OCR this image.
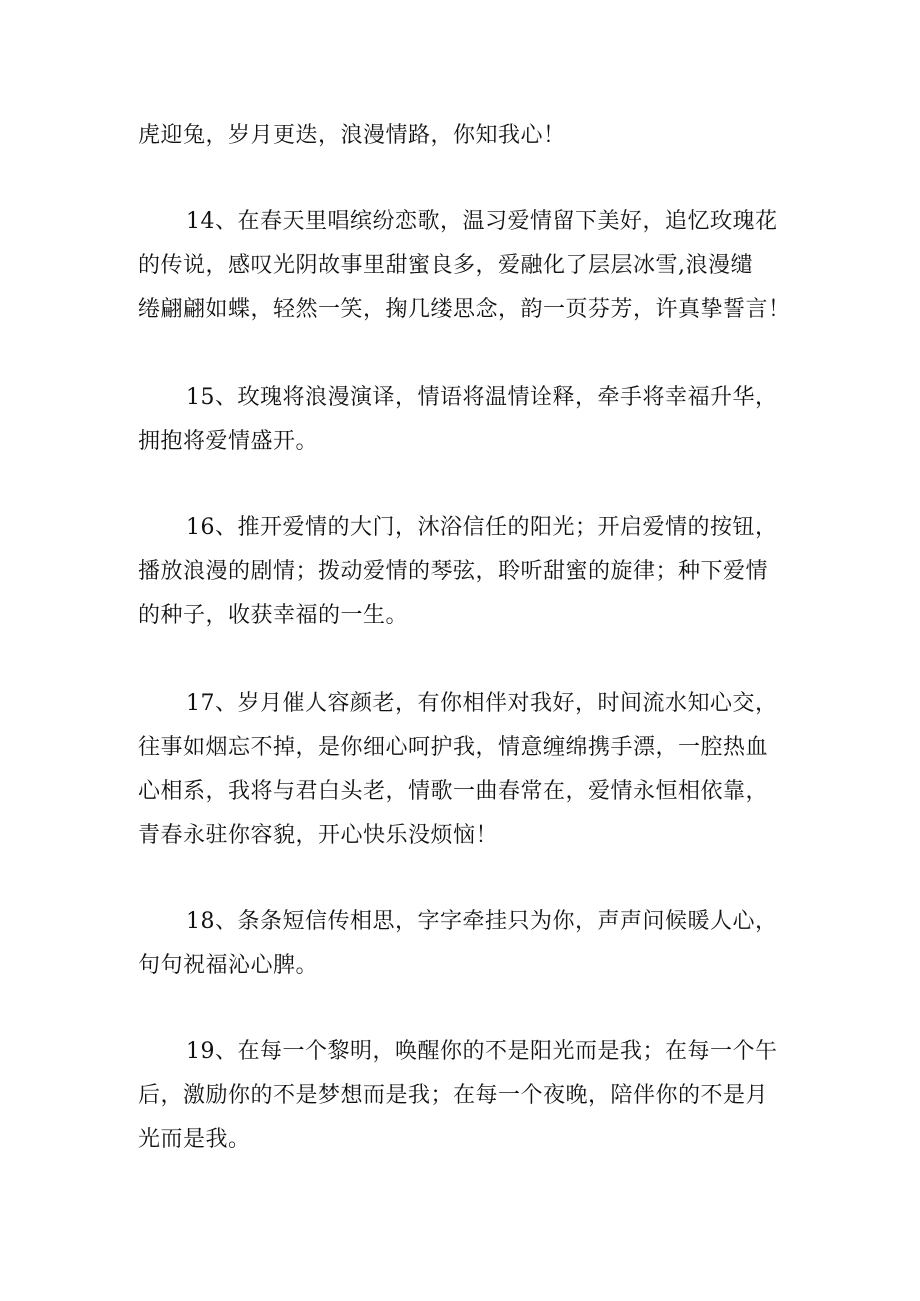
虎迎兔，岁月更迭，浪漫情路，你知我心！

14、在春天里唱缤纷恋歌，温习爱情留下美好，追忆玫瑰花
的传说，感叹光阴故事里甜蜜良多，爱融化了层层冰雪,浪漫缱
绻翩翩如蝶，轻然一笑，掬几缕思念，韵一页芬芳，许真挚誓言！

15、玫瑰将浪漫演译，情语将温情诠释，牵手将幸福升华，
拥抱将爱情盛开。

16、推开爱情的大门，沐浴信任的阳光；开启爱情的按钮，
播放浪漫的剧情；拨动爱情的琴弦，聆听甜蜜的旋律；种下爱情
的种子，收获幸福的一生。

17、岁月催人容颜老，有你相伴对我好，时间流水知心交，
往事如烟忘不掉，是你细心呵护我，情意缠绵携手漂，一腔热血
心相系，我将与君白头老，情歌一曲春常在，爱情永恒相依靠，
青春永驻你容貌，开心快乐没烦恼！

18、条条短信传相思，字字牵挂只为你，声声问候暖人心，
句句祝福沁心脾。

19、在每一个黎明，唤醒你的不是阳光而是我；在每一个午
后，激励你的不是梦想而是我；在每一个夜晚，陪伴你的不是月
光而是我。
